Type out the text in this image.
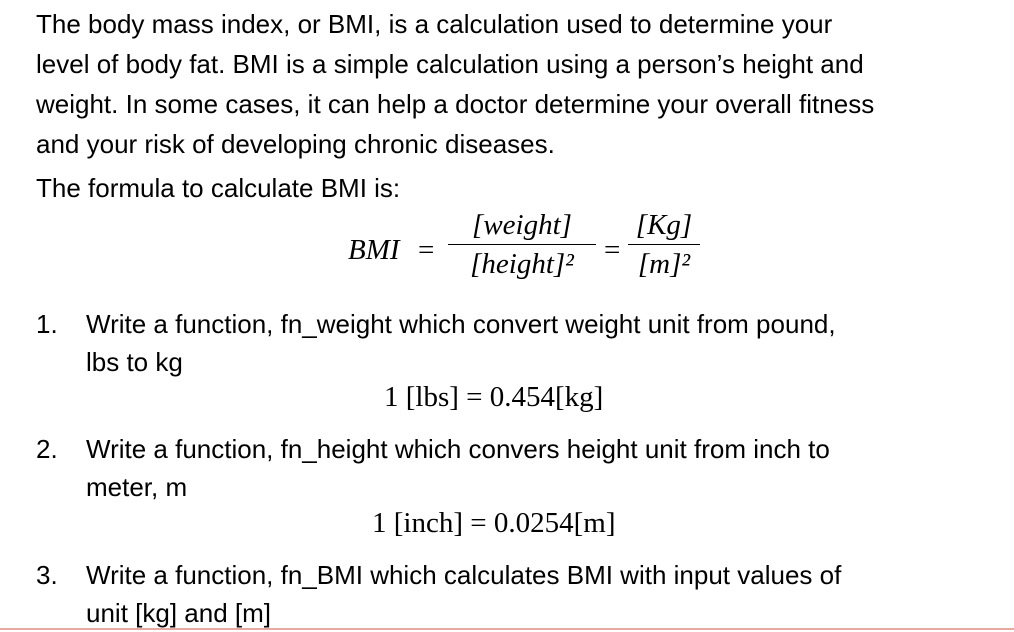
The body mass index, or BMI, is a calculation used to determine your
level of body fat. BMI is a simple calculation using a person’s height and
weight. In some cases, it can help a doctor determine your overall fitness
and your risk of developing chronic diseases.
The formula to calculate BMI is:
BMI =
[weight]
[height]²	= $\frac{[Kg]}{\text{[m]²}}$
1. Write a function, fn_weight which convert weight unit from pound,
lbs to kg
1 [lbs] = 0.454[kg]
2. Write a function, fn_height which convers height unit from inch to
meter, m
1 [inch] = 0.0254[m]
3. Write a function, fn_BMI which calculates BMI with input values of
unit [kg] and [m]
